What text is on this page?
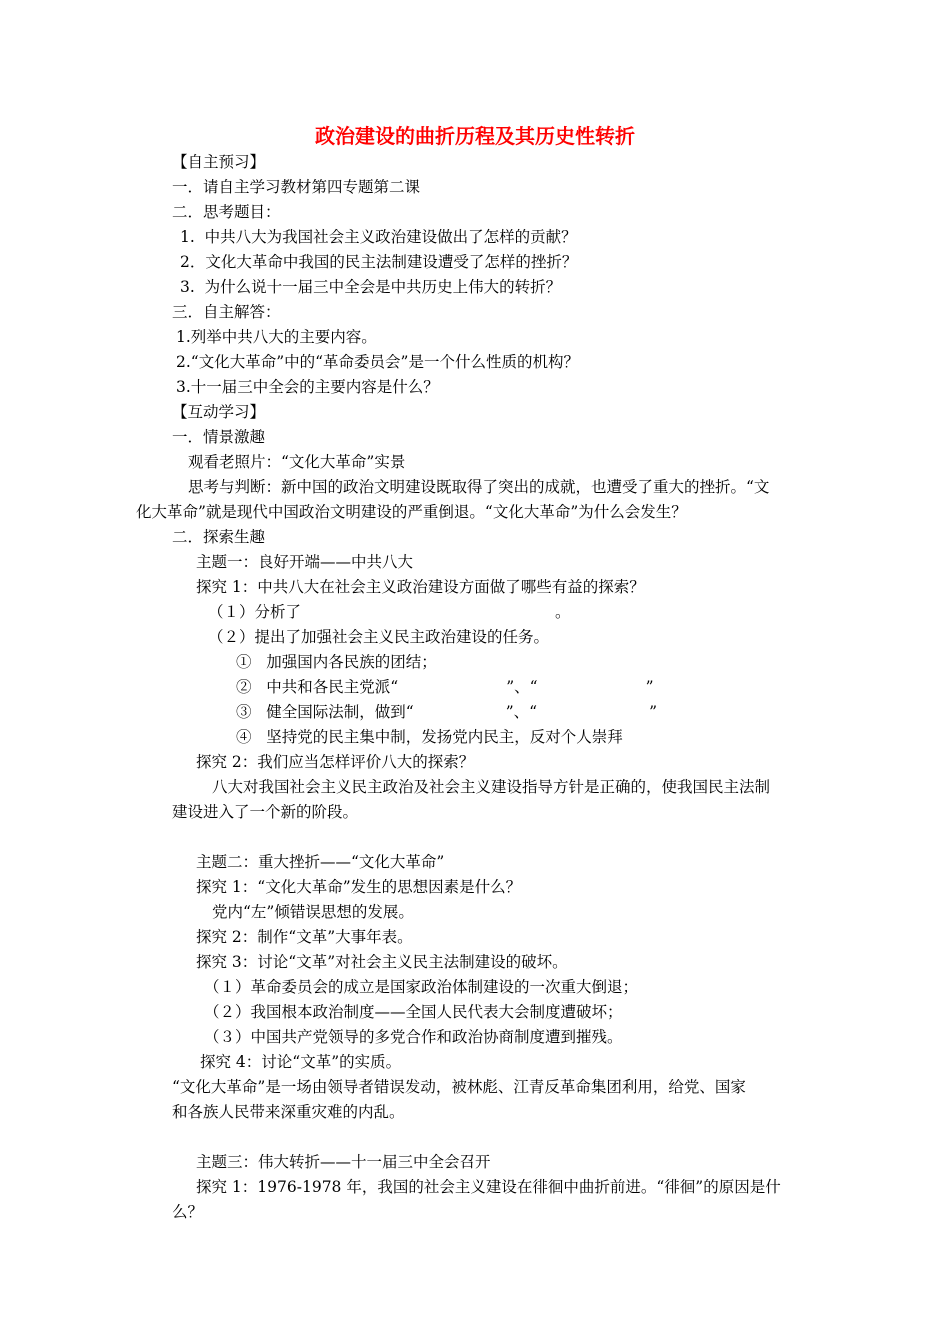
政治建设的曲折历程及其历史性转折
【自主预习】
一．请自主学习教材第四专题第二课
二．思考题目：
1.  中共八大为我国社会主义政治建设做出了怎样的贡献？
2．文化大革命中我国的民主法制建设遭受了怎样的挫折？
3.  为什么说十一届三中全会是中共历史上伟大的转折？
三．自主解答：
1.列举中共八大的主要内容。
2.“文化大革命”中的“革命委员会”是一个什么性质的机构？
3.十一届三中全会的主要内容是什么？
【互动学习】
一．情景激趣
观看老照片：“文化大革命”实景
思考与判断：新中国的政治文明建设既取得了突出的成就，也遭受了重大的挫折。“文
化大革命”就是现代中国政治文明建设的严重倒退。“文化大革命”为什么会发生？
二．探索生趣
主题一：良好开端——中共八大
探究 1：中共八大在社会主义政治建设方面做了哪些有益的探索？
（１）分析了	。
（２）提出了加强社会主义民主政治建设的任务。
①   加强国内各民族的团结；
②   中共和各民主党派“	”、“	”
③   健全国际法制，做到“	”、“	”
④   坚持党的民主集中制，发扬党内民主，反对个人崇拜
探究 2：我们应当怎样评价八大的探索？
八大对我国社会主义民主政治及社会主义建设指导方针是正确的，使我国民主法制
建设进入了一个新的阶段。
主题二：重大挫折——“文化大革命”
探究 1：“文化大革命”发生的思想因素是什么？
党内“左”倾错误思想的发展。
探究 2：制作“文革”大事年表。
探究 3：讨论“文革”对社会主义民主法制建设的破坏。
（１）革命委员会的成立是国家政治体制建设的一次重大倒退；
（２）我国根本政治制度——全国人民代表大会制度遭破坏；
（３）中国共产党领导的多党合作和政治协商制度遭到摧残。
探究 4：讨论“文革”的实质。
“文化大革命”是一场由领导者错误发动，被林彪、江青反革命集团利用，给党、国家
和各族人民带来深重灾难的内乱。
主题三：伟大转折——十一届三中全会召开
探究 1：1976-1978 年，我国的社会主义建设在徘徊中曲折前进。“徘徊”的原因是什
么？
